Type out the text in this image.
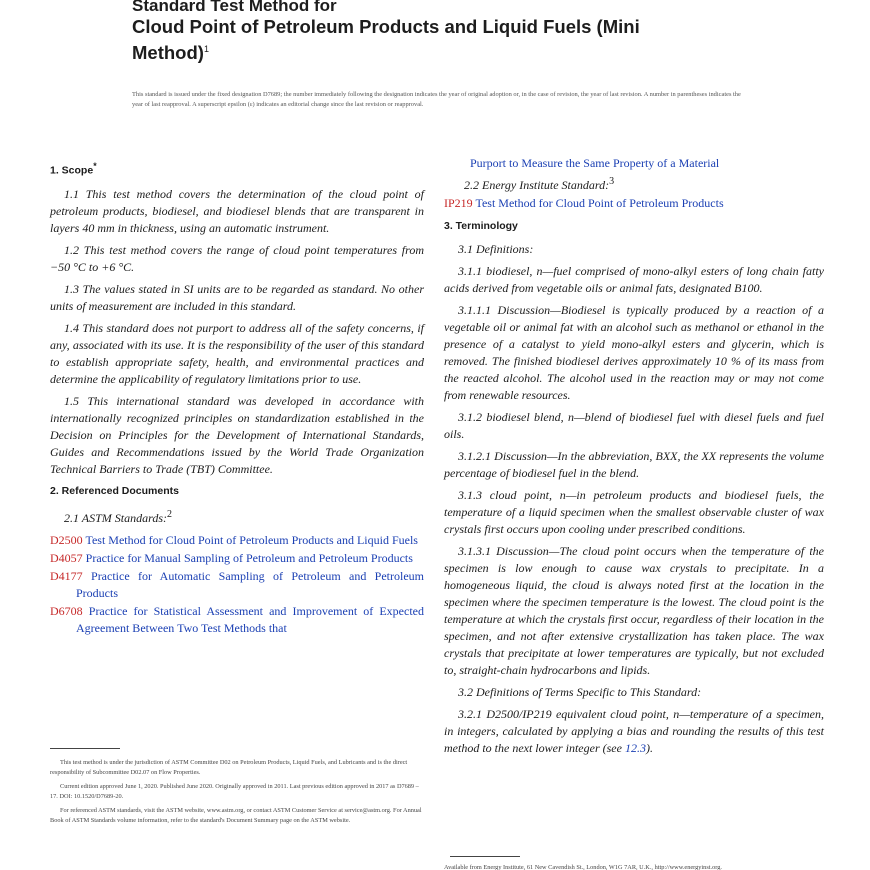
Standard Test Method for
Cloud Point of Petroleum Products and Liquid Fuels (Mini
Method)$^1$
This standard is issued under the fixed designation D7689; the number immediately following the designation indicates the year of original adoption or, in the case of revision, the year of last revision. A number in parentheses indicates the year of last reapproval. A superscript epsilon (ε) indicates an editorial change since the last revision or reapproval.
1. Scope*

1.1 This test method covers the determination of the cloud point of petroleum products, biodiesel, and biodiesel blends that are transparent in layers 40 mm in thickness, using an automatic instrument.

1.2 This test method covers the range of cloud point temperatures from −50 °C to +6 °C.

1.3 The values stated in SI units are to be regarded as standard. No other units of measurement are included in this standard.

1.4 This standard does not purport to address all of the safety concerns, if any, associated with its use. It is the responsibility of the user of this standard to establish appropriate safety, health, and environmental practices and determine the applicability of regulatory limitations prior to use.

1.5 This international standard was developed in accordance with internationally recognized principles on standardization established in the Decision on Principles for the Development of International Standards, Guides and Recommendations issued by the World Trade Organization Technical Barriers to Trade (TBT) Committee.

2. Referenced Documents

2.1 ASTM Standards:$^2$

D2500 Test Method for Cloud Point of Petroleum Products and Liquid Fuels
D4057 Practice for Manual Sampling of Petroleum and Petroleum Products
D4177 Practice for Automatic Sampling of Petroleum and Petroleum Products
D6708 Practice for Statistical Assessment and Improvement of Expected Agreement Between Two Test Methods that

This test method is under the jurisdiction of ASTM Committee D02 on Petroleum Products, Liquid Fuels, and Lubricants and is the direct responsibility of Subcommittee D02.07 on Flow Properties.

Current edition approved June 1, 2020. Published June 2020. Originally approved in 2011. Last previous edition approved in 2017 as D7689 – 17. DOI: 10.1520/D7689-20.

For referenced ASTM standards, visit the ASTM website, www.astm.org, or contact ASTM Customer Service at service@astm.org. For Annual Book of ASTM Standards volume information, refer to the standard's Document Summary page on the ASTM website.

Purport to Measure the Same Property of a Material

2.2 Energy Institute Standard:$^3$

IP219 Test Method for Cloud Point of Petroleum Products
3. Terminology

3.1 Definitions:

3.1.1 biodiesel, n—fuel comprised of mono-alkyl esters of long chain fatty acids derived from vegetable oils or animal fats, designated B100.

3.1.1.1 Discussion—Biodiesel is typically produced by a reaction of a vegetable oil or animal fat with an alcohol such as methanol or ethanol in the presence of a catalyst to yield mono-alkyl esters and glycerin, which is removed. The finished biodiesel derives approximately 10 % of its mass from the reacted alcohol. The alcohol used in the reaction may or may not come from renewable resources.

3.1.2 biodiesel blend, n—blend of biodiesel fuel with diesel fuels and fuel oils.

3.1.2.1 Discussion—In the abbreviation, BXX, the XX represents the volume percentage of biodiesel fuel in the blend.

3.1.3 cloud point, n—in petroleum products and biodiesel fuels, the temperature of a liquid specimen when the smallest observable cluster of wax crystals first occurs upon cooling under prescribed conditions.

3.1.3.1 Discussion—The cloud point occurs when the temperature of the specimen is low enough to cause wax crystals to precipitate. In a homogeneous liquid, the cloud is always noted first at the location in the specimen where the specimen temperature is the lowest. The cloud point is the temperature at which the crystals first occur, regardless of their location in the specimen, and not after extensive crystallization has taken place. The wax crystals that precipitate at lower temperatures are typically, but not excluded to, straight-chain hydrocarbons and lipids.

3.2 Definitions of Terms Specific to This Standard:

3.2.1 D2500/IP219 equivalent cloud point, n—temperature of a specimen, in integers, calculated by applying a bias and rounding the results of this test method to the next lower integer (see 12.3).

Available from Energy Institute, 61 New Cavendish St., London, W1G 7AR, U.K., http://www.energyinst.org.
